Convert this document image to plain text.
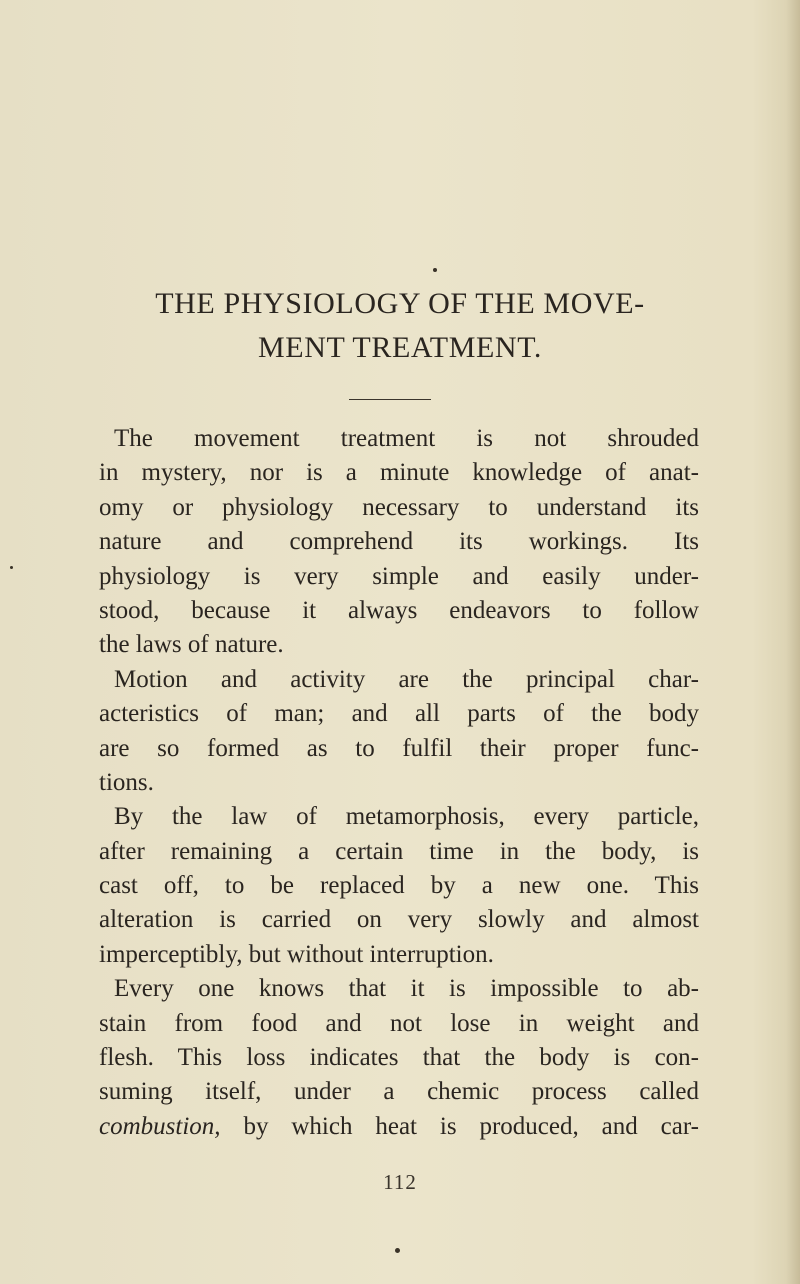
THE PHYSIOLOGY OF THE MOVE-
MENT TREATMENT.
The movement treatment is not shrouded
in mystery, nor is a minute knowledge of anat-
omy or physiology necessary to understand its
nature and comprehend its workings. Its
physiology is very simple and easily under-
stood, because it always endeavors to follow
the laws of nature.
Motion and activity are the principal char-
acteristics of man; and all parts of the body
are so formed as to fulfil their proper func-
tions.
By the law of metamorphosis, every particle,
after remaining a certain time in the body, is
cast off, to be replaced by a new one. This
alteration is carried on very slowly and almost
imperceptibly, but without interruption.
Every one knows that it is impossible to ab-
stain from food and not lose in weight and
flesh. This loss indicates that the body is con-
suming itself, under a chemic process called
combustion, by which heat is produced, and car-
112
